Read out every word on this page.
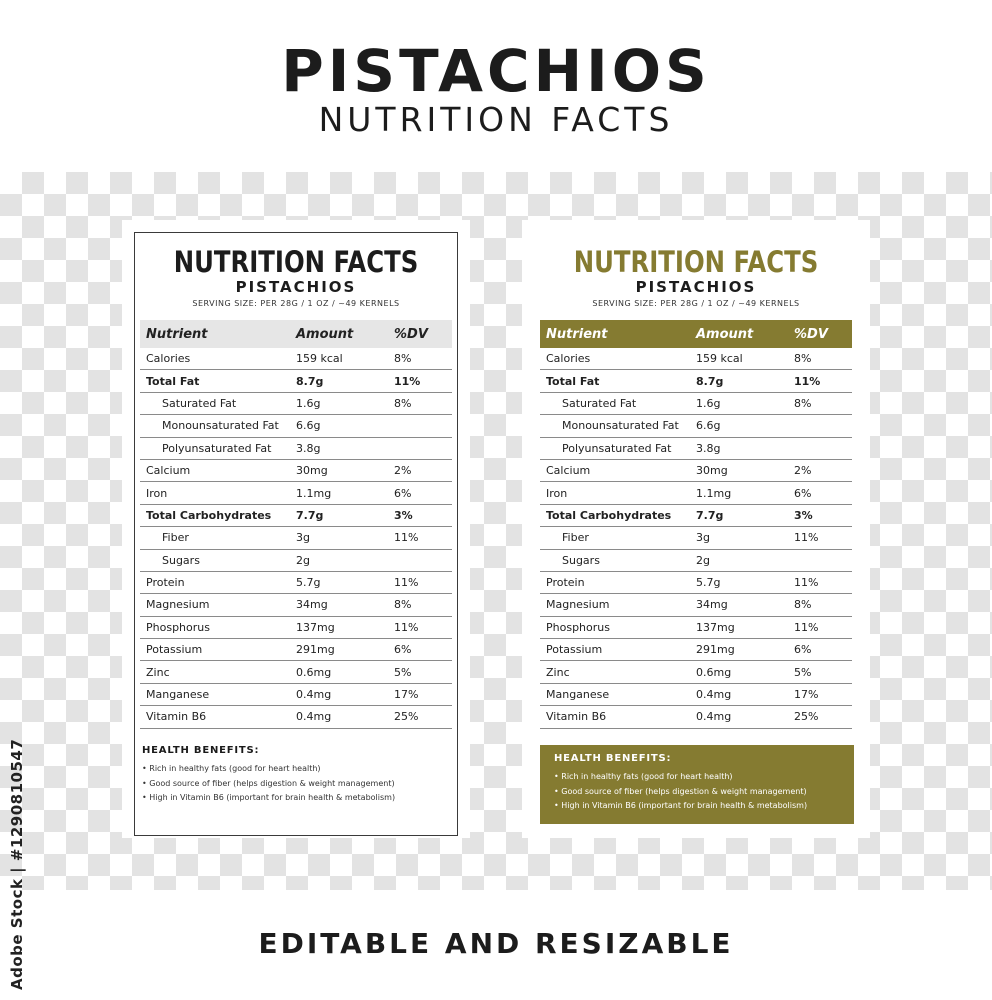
PISTACHIOS
NUTRITION FACTS
NUTRITION FACTS
PISTACHIOS
SERVING SIZE: PER 28G / 1 OZ / ~49 KERNELS
Nutrient	Amount	%DV
Calories	159 kcal	8%
Total Fat	8.7g	11%
Saturated Fat	1.6g	8%
Monounsaturated Fat	6.6g
Polyunsaturated Fat	3.8g
Calcium	30mg	2%
Iron	1.1mg	6%
Total Carbohydrates	7.7g	3%
Fiber	3g	11%
Sugars	2g
Protein	5.7g	11%
Magnesium	34mg	8%
Phosphorus	137mg	11%
Potassium	291mg	6%
Zinc	0.6mg	5%
Manganese	0.4mg	17%
Vitamin B6	0.4mg	25%
HEALTH BENEFITS:
• Rich in healthy fats (good for heart health)
• Good source of fiber (helps digestion & weight management)
• High in Vitamin B6 (important for brain health & metabolism)
NUTRITION FACTS
PISTACHIOS
SERVING SIZE: PER 28G / 1 OZ / ~49 KERNELS
Nutrient	Amount	%DV
Calories	159 kcal	8%
Total Fat	8.7g	11%
Saturated Fat	1.6g	8%
Monounsaturated Fat	6.6g
Polyunsaturated Fat	3.8g
Calcium	30mg	2%
Iron	1.1mg	6%
Total Carbohydrates	7.7g	3%
Fiber	3g	11%
Sugars	2g
Protein	5.7g	11%
Magnesium	34mg	8%
Phosphorus	137mg	11%
Potassium	291mg	6%
Zinc	0.6mg	5%
Manganese	0.4mg	17%
Vitamin B6	0.4mg	25%
HEALTH BENEFITS:
• Rich in healthy fats (good for heart health)
• Good source of fiber (helps digestion & weight management)
• High in Vitamin B6 (important for brain health & metabolism)
EDITABLE AND RESIZABLE
Adobe Stock | #1290810547
